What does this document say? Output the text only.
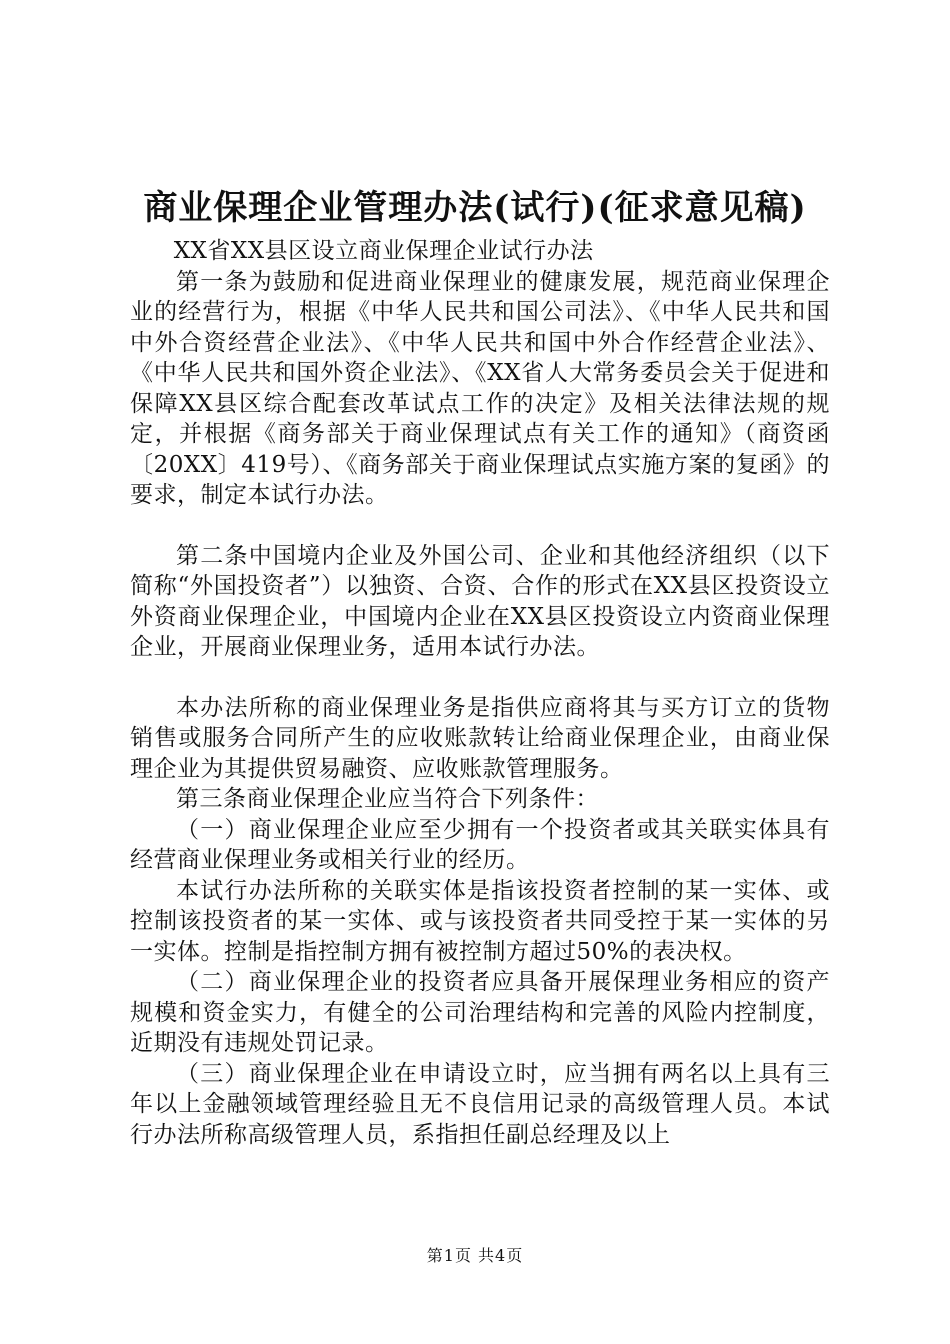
商业保理企业管理办法(试行)(征求意见稿)

XX省XX县区设立商业保理企业试行办法

第一条为鼓励和促进商业保理业的健康发展，规范商业保理企业的经营行为，根据《中华人民共和国公司法》、《中华人民共和国中外合资经营企业法》、《中华人民共和国中外合作经营企业法》、《中华人民共和国外资企业法》、《XX省人大常务委员会关于促进和保障XX县区综合配套改革试点工作的决定》及相关法律法规的规定，并根据《商务部关于商业保理试点有关工作的通知》（商资函〔20XX〕419号）、《商务部关于商业保理试点实施方案的复函》的要求，制定本试行办法。

第二条中国境内企业及外国公司、企业和其他经济组织（以下简称“外国投资者”）以独资、合资、合作的形式在XX县区投资设立外资商业保理企业，中国境内企业在XX县区投资设立内资商业保理企业，开展商业保理业务，适用本试行办法。

本办法所称的商业保理业务是指供应商将其与买方订立的货物销售或服务合同所产生的应收账款转让给商业保理企业，由商业保理企业为其提供贸易融资、应收账款管理服务。

第三条商业保理企业应当符合下列条件：

（一）商业保理企业应至少拥有一个投资者或其关联实体具有经营商业保理业务或相关行业的经历。

本试行办法所称的关联实体是指该投资者控制的某一实体、或控制该投资者的某一实体、或与该投资者共同受控于某一实体的另一实体。控制是指控制方拥有被控制方超过50%的表决权。

（二）商业保理企业的投资者应具备开展保理业务相应的资产规模和资金实力，有健全的公司治理结构和完善的风险内控制度，近期没有违规处罚记录。

（三）商业保理企业在申请设立时，应当拥有两名以上具有三年以上金融领域管理经验且无不良信用记录的高级管理人员。本试行办法所称高级管理人员，系指担任副总经理及以上

第1页 共4页
